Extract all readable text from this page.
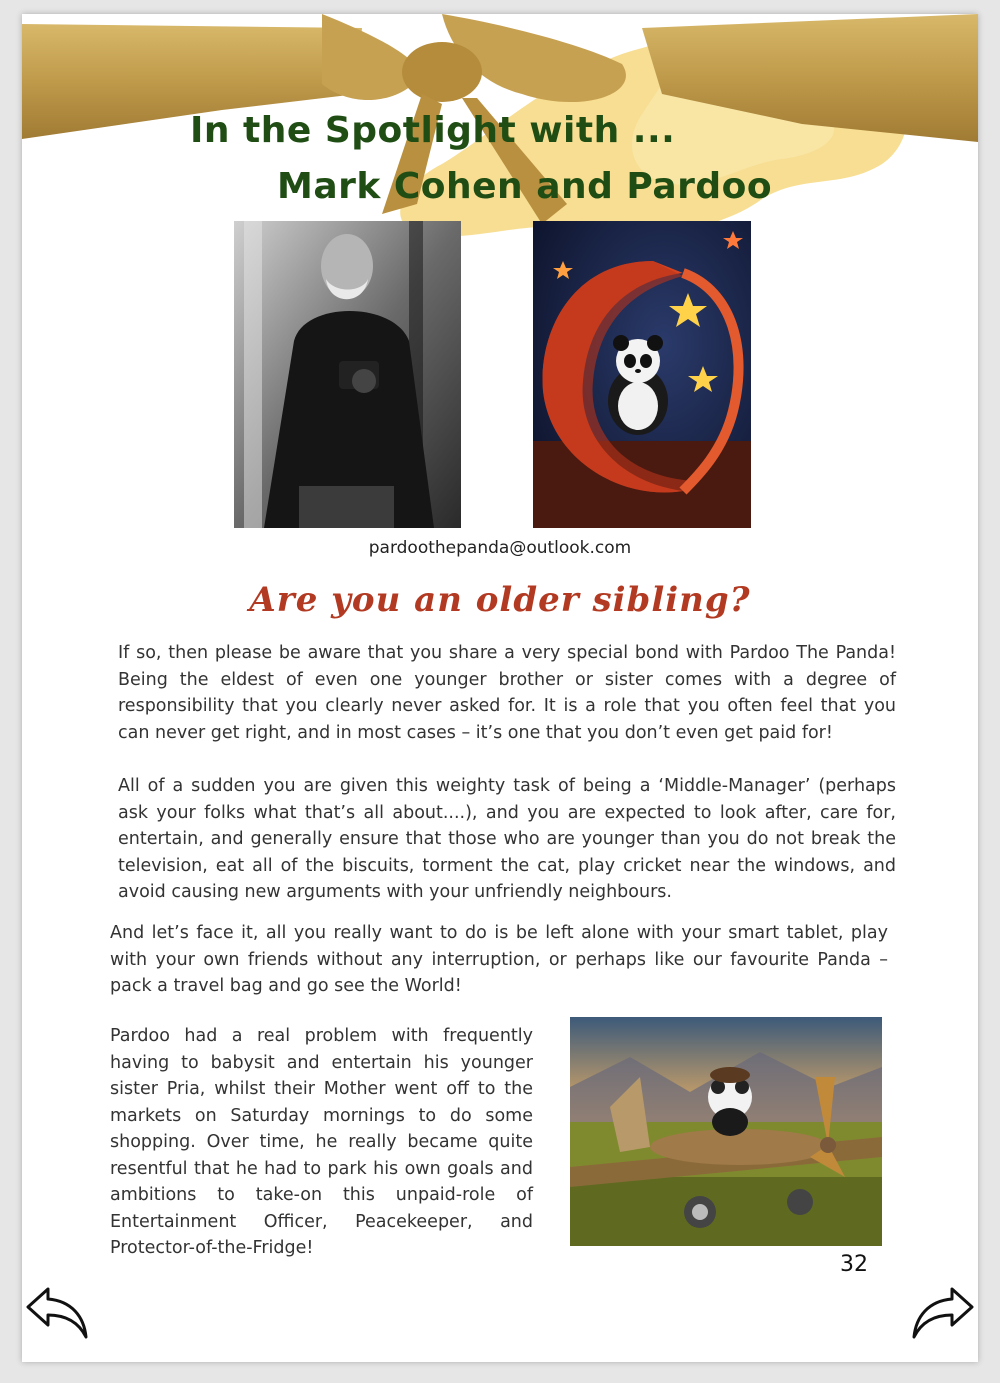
In the Spotlight with ...
Mark Cohen and Pardoo
pardoothepanda@outlook.com
Are you an older sibling?
If so, then please be aware that you share a very special bond with Pardoo The Panda! Being the eldest of even one younger brother or sister comes with a degree of responsibility that you clearly never asked for. It is a role that you often feel that you can never get right, and in most cases – it’s one that you don’t even get paid for!
All of a sudden you are given this weighty task of being a ‘Middle-Manager’ (perhaps ask your folks what that’s all about....), and you are expected to look after, care for, entertain, and generally ensure that those who are younger than you do not break the television, eat all of the biscuits, torment the cat, play cricket near the windows, and avoid causing new arguments with your unfriendly neighbours.
And let’s face it, all you really want to do is be left alone with your smart tablet, play with your own friends without any interruption, or perhaps like our favourite Panda – pack a travel bag and go see the World!
Pardoo had a real problem with frequently having to babysit and entertain his younger sister Pria, whilst their Mother went off to the markets on Saturday mornings to do some shopping. Over time, he really became quite resentful that he had to park his own goals and ambitions to take-on this unpaid-role of Entertainment Officer, Peacekeeper, and Protector-of-the-Fridge!
32
